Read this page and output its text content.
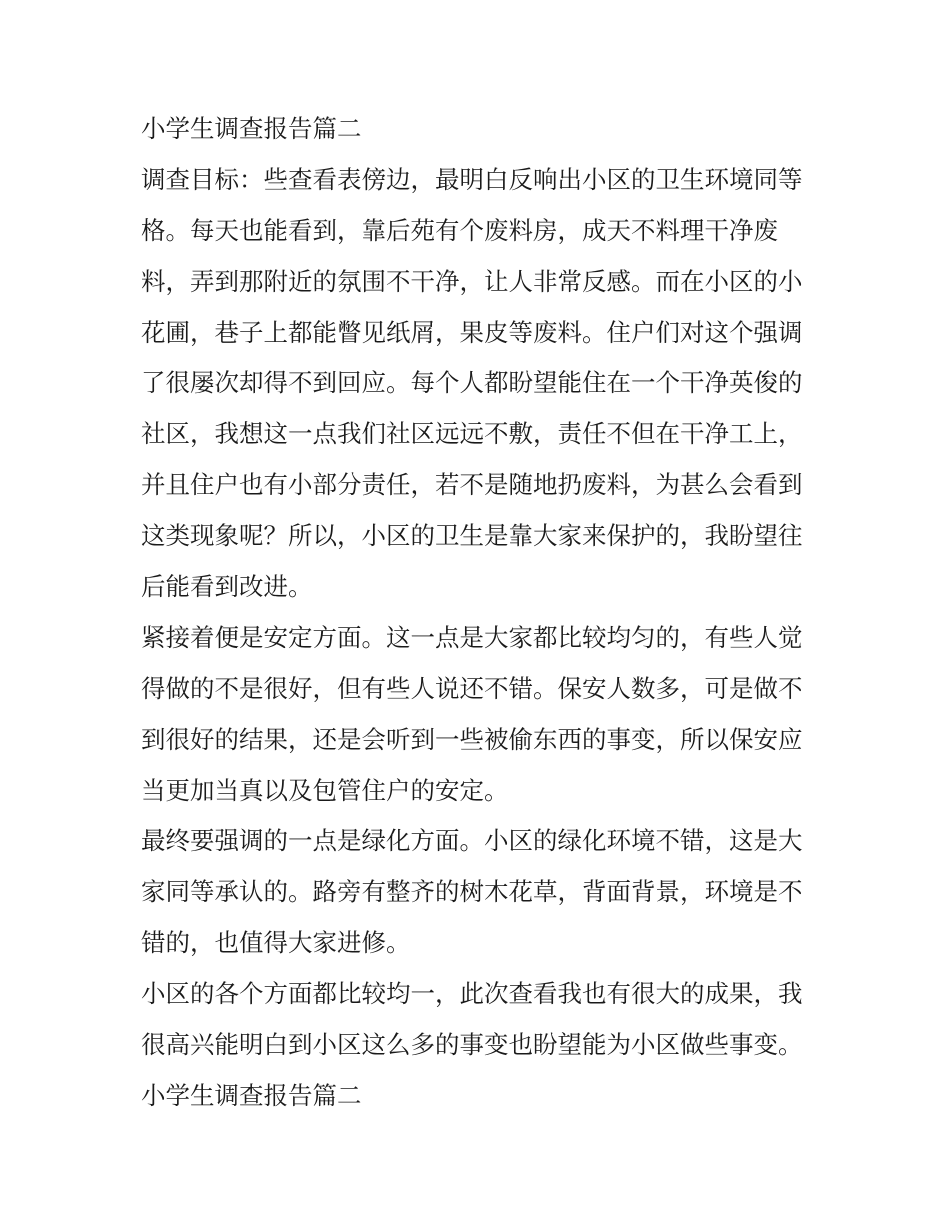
小学生调查报告篇二
调查目标：些查看表傍边，最明白反响出小区的卫生环境同等
格。每天也能看到，靠后苑有个废料房，成天不料理干净废
料，弄到那附近的氛围不干净，让人非常反感。而在小区的小
花圃，巷子上都能瞥见纸屑，果皮等废料。住户们对这个强调
了很屡次却得不到回应。每个人都盼望能住在一个干净英俊的
社区，我想这一点我们社区远远不敷，责任不但在干净工上，
并且住户也有小部分责任，若不是随地扔废料，为甚么会看到
这类现象呢？所以，小区的卫生是靠大家来保护的，我盼望往
后能看到改进。
紧接着便是安定方面。这一点是大家都比较均匀的，有些人觉
得做的不是很好，但有些人说还不错。保安人数多，可是做不
到很好的结果，还是会听到一些被偷东西的事变，所以保安应
当更加当真以及包管住户的安定。
最终要强调的一点是绿化方面。小区的绿化环境不错，这是大
家同等承认的。路旁有整齐的树木花草，背面背景，环境是不
错的，也值得大家进修。
小区的各个方面都比较均一，此次查看我也有很大的成果，我
很高兴能明白到小区这么多的事变也盼望能为小区做些事变。
小学生调查报告篇二
